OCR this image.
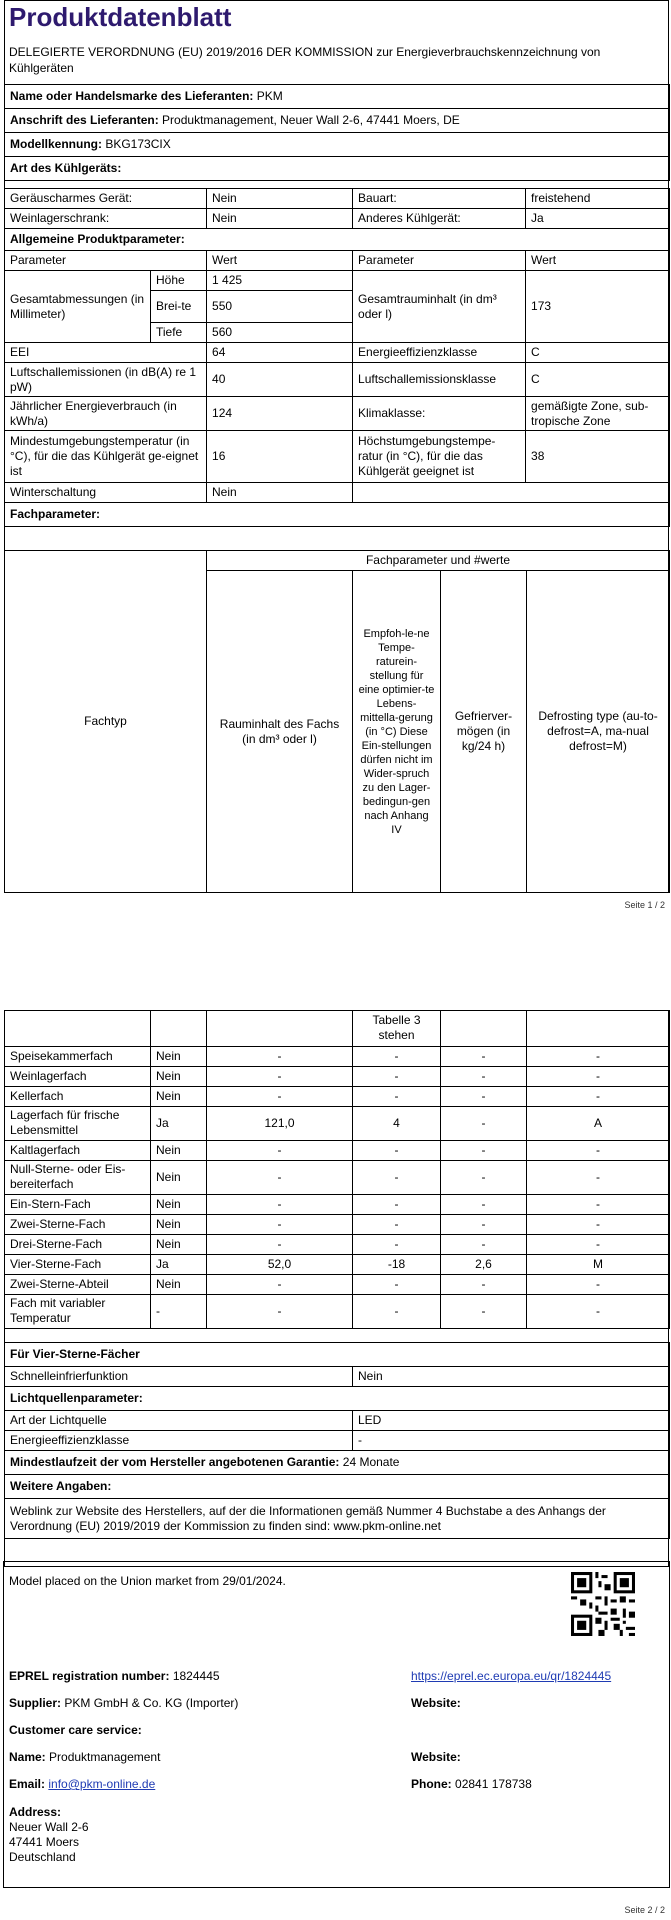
Produktdatenblatt
DELEGIERTE VERORDNUNG (EU) 2019/2016 DER KOMMISSION zur Energieverbrauchskennzeichnung von Kühlgeräten
Name oder Handelsmarke des Lieferanten: PKM
Anschrift des Lieferanten: Produktmanagement, Neuer Wall 2-6, 47441 Moers, DE
Modellkennung: BKG173CIX
Art des Kühlgeräts:
Geräuscharmes Gerät:		Nein	Bauart:	freistehend
Weinlagerschrank:		Nein	Anderes Kühlgerät:	Ja
Allgemeine Produktparameter:				
Parameter		Wert	Parameter	Wert
Gesamtabmessungen (in Millimeter)	Höhe	1 425	Gesamtrauminhalt (in dm³ oder l)	173
	Brei-te	550		
	Tiefe	560		
EEI		64	Energieeffizienzklasse	C
Luftschallemissionen (in dB(A) re 1 pW)		40	Luftschallemissionsklasse	C
Jährlicher Energieverbrauch (in kWh/a)		124	Klimaklasse:	gemäßigte Zone, sub-tropische Zone
Mindestumgebungstemperatur (in °C), für die das Kühlgerät ge-eignet ist		16	Höchstumgebungstempe-ratur (in °C), für die das Kühlgerät geeignet ist	38
Winterschaltung		Nein		
Fachparameter:				
Fachtyp	Fachparameter und #werte			
	Rauminhalt des Fachs (in dm³ oder l)	Empfoh-le-ne Tempe-raturein-stellung für eine optimier-te Lebens-mittella-gerung (in °C) Diese Ein-stellungen dürfen nicht im Wider-spruch zu den Lager-bedingun-gen nach Anhang IV	Gefrierver-mögen (in kg/24 h)	Defrosting type (au-to-defrost=A, ma-nual defrost=M)
Seite 1 / 2
			Tabelle 3 stehen		
Speisekammerfach	Nein	-	-	-	-
Weinlagerfach	Nein	-	-	-	-
Kellerfach	Nein	-	-	-	-
Lagerfach für frische Lebensmittel	Ja	121,0	4	-	A
Kaltlagerfach	Nein	-	-	-	-
Null-Sterne- oder Eis-bereiterfach	Nein	-	-	-	-
Ein-Stern-Fach	Nein	-	-	-	-
Zwei-Sterne-Fach	Nein	-	-	-	-
Drei-Sterne-Fach	Nein	-	-	-	-
Vier-Sterne-Fach	Ja	52,0	-18	2,6	M
Zwei-Sterne-Abteil	Nein	-	-	-	-
Fach mit variabler Temperatur	-	-	-	-	-
Für Vier-Sterne-Fächer	
Schnelleinfrierfunktion	Nein
Lichtquellenparameter:	
Art der Lichtquelle	LED
Energieeffizienzklasse	-
Mindestlaufzeit der vom Hersteller angebotenen Garantie: 24 Monate	
Weitere Angaben:	
Weblink zur Website des Herstellers, auf der die Informationen gemäß Nummer 4 Buchstabe a des Anhangs der Verordnung (EU) 2019/2019 der Kommission zu finden sind: www.pkm-online.net	
Model placed on the Union market from 29/01/2024.
EPREL registration number: 1824445	https://eprel.ec.europa.eu/qr/1824445
Supplier: PKM GmbH & Co. KG (Importer)	Website:
Customer care service:
Name: Produktmanagement	Website:
Email: info@pkm-online.de	Phone: 02841 178738
Address:
Neuer Wall 2-6
47441 Moers
Deutschland
Seite 2 / 2
